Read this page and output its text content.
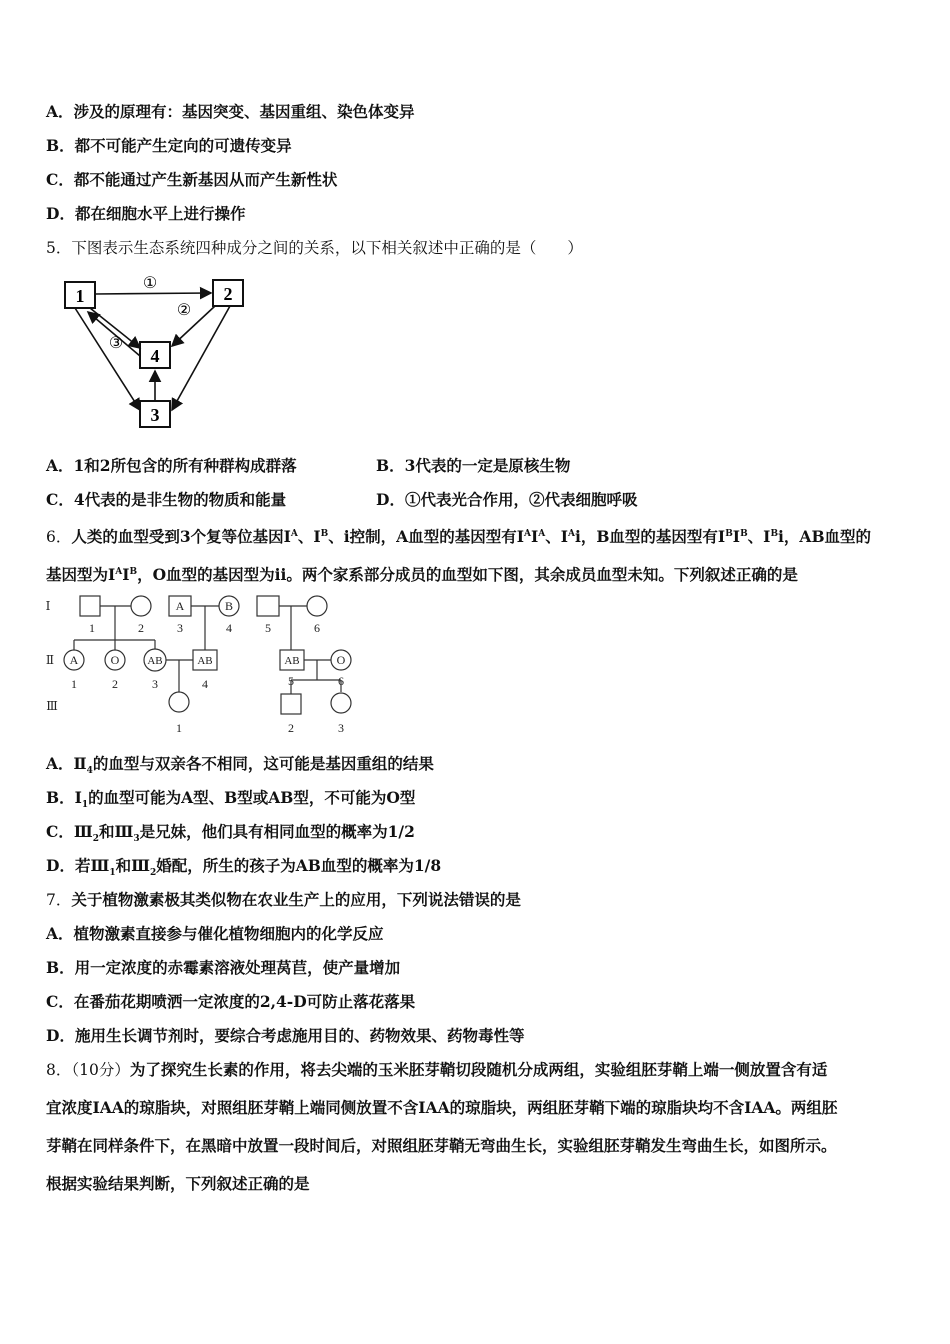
A．涉及的原理有：基因突变、基因重组、染色体变异
B．都不可能产生定向的可遗传变异
C．都不能通过产生新基因从而产生新性状
D．都在细胞水平上进行操作
5．下图表示生态系统四种成分之间的关系，以下相关叙述中正确的是（　　）
1	2
4
3
①
②
③
A．1和2所包含的所有种群构成群落	B．3代表的一定是原核生物
C．4代表的是非生物的物质和能量	D．①代表光合作用，②代表细胞呼吸
6．人类的血型受到3个复等位基因$I^A$、$I^B$、i控制，A血型的基因型有$I^AI^A$、$I^Ai$，B血型的基因型有$I^BI^B$、$I^Bi$，AB血型的
基因型为$I^AI^B$，O血型的基因型为ii。两个家系部分成员的血型如下图，其余成员血型未知。下列叙述正确的是
Ⅰ
Ⅱ
Ⅲ
A	B
A	O	AB	AB	AB	O
1	2	3	4	5	6
1	2	3	4	5	6
1	2	3
A．$Ⅱ_4$的血型与双亲各不相同，这可能是基因重组的结果
B．$I_1$的血型可能为A型、B型或AB型，不可能为O型
C．$Ⅲ_2$和$Ⅲ_3$是兄妹，他们具有相同血型的概率为1/2
D．若$Ⅲ_1$和$Ⅲ_2$婚配，所生的孩子为AB血型的概率为1/8
7．关于植物激素极其类似物在农业生产上的应用，下列说法错误的是
A．植物激素直接参与催化植物细胞内的化学反应
B．用一定浓度的赤霉素溶液处理莴苣，使产量增加
C．在番茄花期喷洒一定浓度的2,4-D可防止落花落果
D．施用生长调节剂时，要综合考虑施用目的、药物效果、药物毒性等
8．（10分）为了探究生长素的作用，将去尖端的玉米胚芽鞘切段随机分成两组，实验组胚芽鞘上端一侧放置含有适
宜浓度IAA的琼脂块，对照组胚芽鞘上端同侧放置不含IAA的琼脂块，两组胚芽鞘下端的琼脂块均不含IAA。两组胚
芽鞘在同样条件下，在黑暗中放置一段时间后，对照组胚芽鞘无弯曲生长，实验组胚芽鞘发生弯曲生长，如图所示。
根据实验结果判断，下列叙述正确的是
